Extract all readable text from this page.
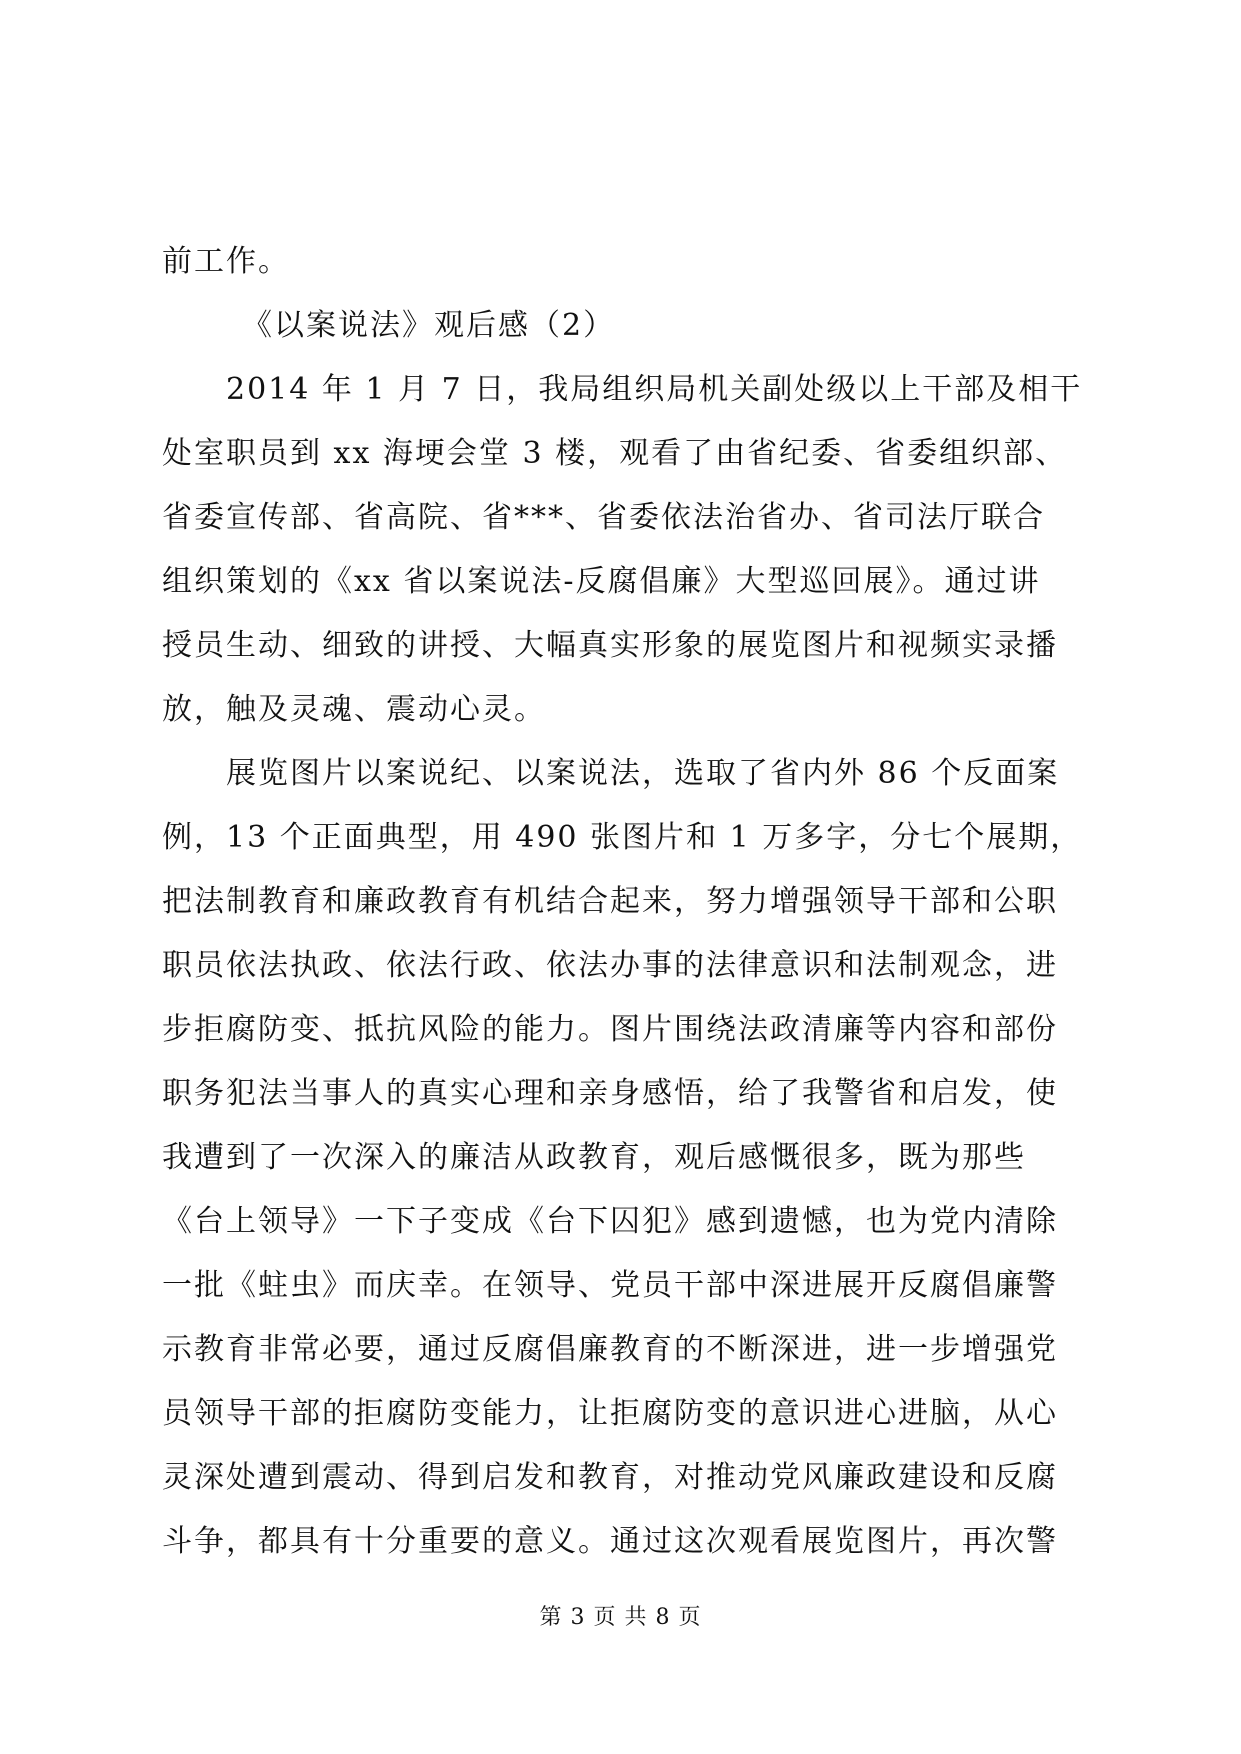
前工作。
《以案说法》观后感（2）
2014 年 1 月 7 日，我局组织局机关副处级以上干部及相干
处室职员到 xx 海埂会堂 3 楼，观看了由省纪委、省委组织部、
省委宣传部、省高院、省***、省委依法治省办、省司法厅联合
组织策划的《xx 省以案说法-反腐倡廉》大型巡回展》。通过讲
授员生动、细致的讲授、大幅真实形象的展览图片和视频实录播
放，触及灵魂、震动心灵。
展览图片以案说纪、以案说法，选取了省内外 86 个反面案
例，13 个正面典型，用 490 张图片和 1 万多字，分七个展期，
把法制教育和廉政教育有机结合起来，努力增强领导干部和公职
职员依法执政、依法行政、依法办事的法律意识和法制观念，进
步拒腐防变、抵抗风险的能力。图片围绕法政清廉等内容和部份
职务犯法当事人的真实心理和亲身感悟，给了我警省和启发，使
我遭到了一次深入的廉洁从政教育，观后感慨很多，既为那些
《台上领导》一下子变成《台下囚犯》感到遗憾，也为党内清除
一批《蛀虫》而庆幸。在领导、党员干部中深进展开反腐倡廉警
示教育非常必要，通过反腐倡廉教育的不断深进，进一步增强党
员领导干部的拒腐防变能力，让拒腐防变的意识进心进脑，从心
灵深处遭到震动、得到启发和教育，对推动党风廉政建设和反腐
斗争，都具有十分重要的意义。通过这次观看展览图片，再次警
第 3 页 共 8 页
